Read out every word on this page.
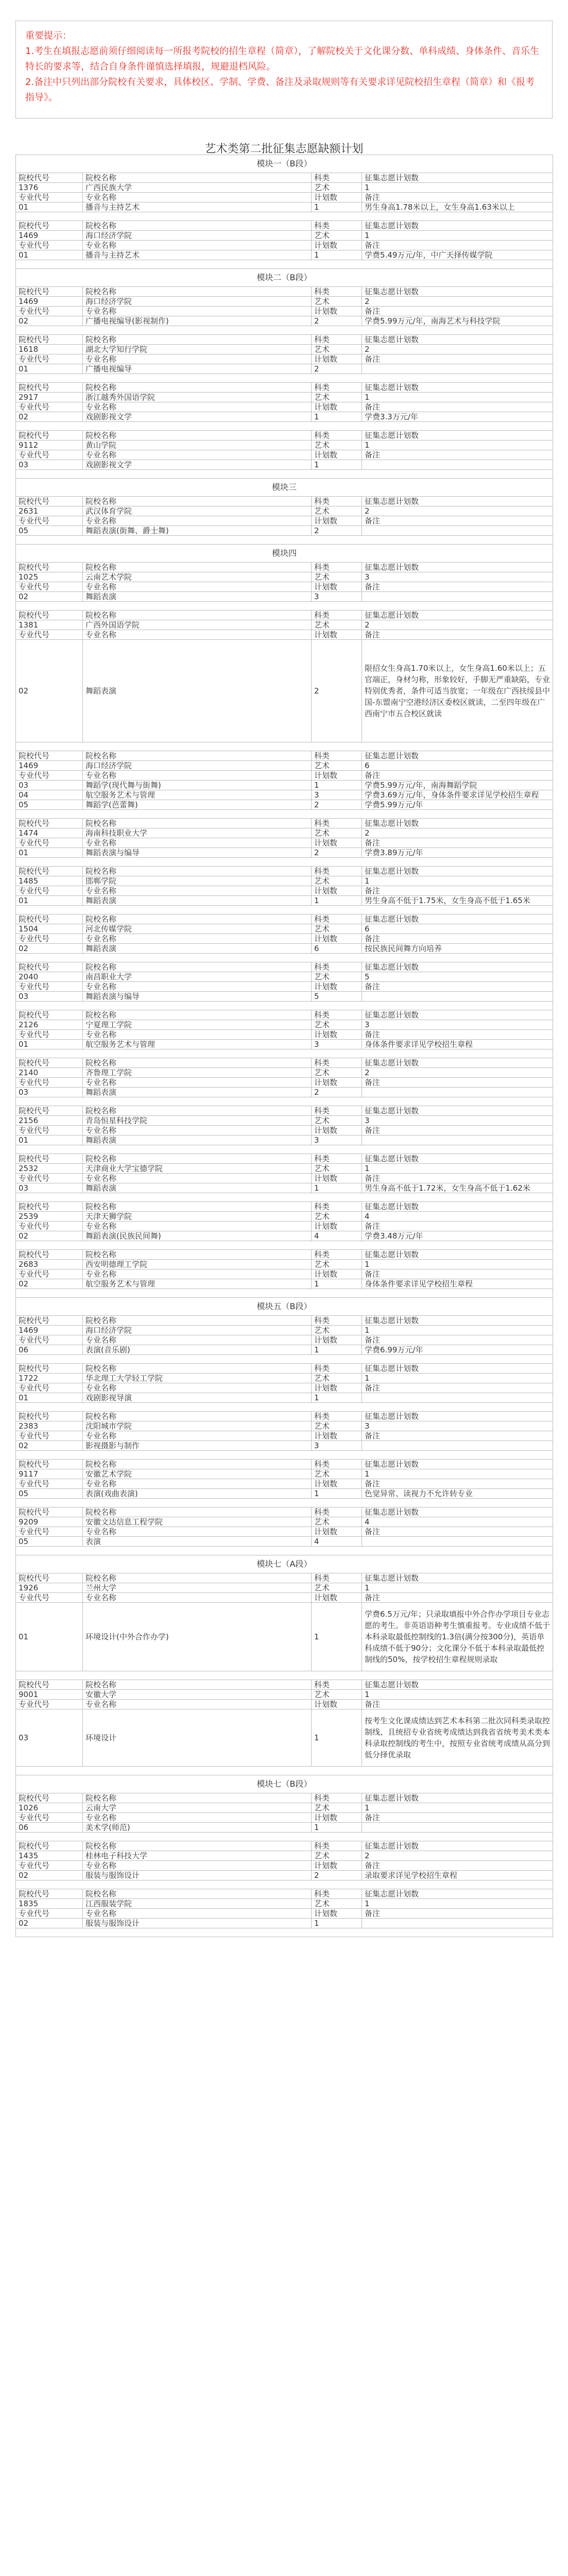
重要提示：
1.考生在填报志愿前须仔细阅读每一所报考院校的招生章程（简章），了解院校关于文化课分数、单科成绩、身体条件、音乐生特长的要求等，结合自身条件谨慎选择填报，规避退档风险。
2.备注中只列出部分院校有关要求，具体校区、学制、学费、备注及录取规则等有关要求详见院校招生章程（简章）和《报考指导》。
艺术类第二批征集志愿缺额计划
模块一（B段）			
院校代号	院校名称	科类	征集志愿计划数
1376	广西民族大学	艺术	1
专业代号	专业名称	计划数	备注
01	播音与主持艺术	1	男生身高1.78米以上，女生身高1.63米以上

院校代号	院校名称	科类	征集志愿计划数
1469	海口经济学院	艺术	1
专业代号	专业名称	计划数	备注
01	播音与主持艺术	1	学费5.49万元/年，中广天择传媒学院

模块二（B段）			
院校代号	院校名称	科类	征集志愿计划数
1469	海口经济学院	艺术	2
专业代号	专业名称	计划数	备注
02	广播电视编导(影视制作)	2	学费5.99万元/年，南海艺术与科技学院

院校代号	院校名称	科类	征集志愿计划数
1618	湖北大学知行学院	艺术	2
专业代号	专业名称	计划数	备注
01	广播电视编导	2	

院校代号	院校名称	科类	征集志愿计划数
2917	浙江越秀外国语学院	艺术	1
专业代号	专业名称	计划数	备注
02	戏剧影视文学	1	学费3.3万元/年

院校代号	院校名称	科类	征集志愿计划数
9112	黄山学院	艺术	1
专业代号	专业名称	计划数	备注
03	戏剧影视文学	1	

模块三			
院校代号	院校名称	科类	征集志愿计划数
2631	武汉体育学院	艺术	2
专业代号	专业名称	计划数	备注
05	舞蹈表演(街舞、爵士舞)	2	

模块四			
院校代号	院校名称	科类	征集志愿计划数
1025	云南艺术学院	艺术	3
专业代号	专业名称	计划数	备注
02	舞蹈表演	3	

院校代号	院校名称	科类	征集志愿计划数
1381	广西外国语学院	艺术	2
专业代号	专业名称	计划数	备注
02	舞蹈表演	2	限招女生身高1.70米以上，女生身高1.60米以上；五官端正，身材匀称，形象较好，手脚无严重缺陷，专业特别优秀者，条件可适当放宽；一年级在广西扶绥县中国-东盟南宁空港经济区委校区就读，二至四年级在广西南宁市五合校区就读

院校代号	院校名称	科类	征集志愿计划数
1469	海口经济学院	艺术	6
专业代号	专业名称	计划数	备注
03	舞蹈学(现代舞与街舞)	1	学费5.99万元/年，南海舞蹈学院
04	航空服务艺术与管理	3	学费3.69万元/年，身体条件要求详见学校招生章程
05	舞蹈学(芭蕾舞)	2	学费5.99万元/年

院校代号	院校名称	科类	征集志愿计划数
1474	海南科技职业大学	艺术	2
专业代号	专业名称	计划数	备注
01	舞蹈表演与编导	2	学费3.89万元/年

院校代号	院校名称	科类	征集志愿计划数
1485	邯郸学院	艺术	1
专业代号	专业名称	计划数	备注
01	舞蹈表演	1	男生身高不低于1.75米，女生身高不低于1.65米

院校代号	院校名称	科类	征集志愿计划数
1504	河北传媒学院	艺术	6
专业代号	专业名称	计划数	备注
02	舞蹈表演	6	按民族民间舞方向培养

院校代号	院校名称	科类	征集志愿计划数
2040	南昌职业大学	艺术	5
专业代号	专业名称	计划数	备注
03	舞蹈表演与编导	5	

院校代号	院校名称	科类	征集志愿计划数
2126	宁夏理工学院	艺术	3
专业代号	专业名称	计划数	备注
01	航空服务艺术与管理	3	身体条件要求详见学校招生章程

院校代号	院校名称	科类	征集志愿计划数
2140	齐鲁理工学院	艺术	2
专业代号	专业名称	计划数	备注
03	舞蹈表演	2	

院校代号	院校名称	科类	征集志愿计划数
2156	青岛恒星科技学院	艺术	3
专业代号	专业名称	计划数	备注
01	舞蹈表演	3	

院校代号	院校名称	科类	征集志愿计划数
2532	天津商业大学宝德学院	艺术	1
专业代号	专业名称	计划数	备注
03	舞蹈表演	1	男生身高不低于1.72米，女生身高不低于1.62米

院校代号	院校名称	科类	征集志愿计划数
2539	天津天狮学院	艺术	4
专业代号	专业名称	计划数	备注
02	舞蹈表演(民族民间舞)	4	学费3.48万元/年

院校代号	院校名称	科类	征集志愿计划数
2683	西安明德理工学院	艺术	1
专业代号	专业名称	计划数	备注
02	航空服务艺术与管理	1	身体条件要求详见学校招生章程

模块五（B段）			
院校代号	院校名称	科类	征集志愿计划数
1469	海口经济学院	艺术	1
专业代号	专业名称	计划数	备注
06	表演(音乐剧)	1	学费6.99万元/年

院校代号	院校名称	科类	征集志愿计划数
1722	华北理工大学轻工学院	艺术	1
专业代号	专业名称	计划数	备注
01	戏剧影视导演	1	

院校代号	院校名称	科类	征集志愿计划数
2383	沈阳城市学院	艺术	3
专业代号	专业名称	计划数	备注
02	影视摄影与制作	3	

院校代号	院校名称	科类	征集志愿计划数
9117	安徽艺术学院	艺术	1
专业代号	专业名称	计划数	备注
05	表演(戏曲表演)	1	色觉异常、读视力不允许转专业

院校代号	院校名称	科类	征集志愿计划数
9209	安徽文达信息工程学院	艺术	4
专业代号	专业名称	计划数	备注
05	表演	4	

模块七（A段）			
院校代号	院校名称	科类	征集志愿计划数
1926	兰州大学	艺术	1
专业代号	专业名称	计划数	备注
01	环境设计(中外合作办学)	1	学费6.5万元/年；只录取填报中外合作办学项目专业志愿的考生。非英语语种考生慎重报考。专业成绩不低于本科录取最低控制线的1.3倍(满分按300分)，英语单科成绩不低于90分；文化课分不低于本科录取最低控制线的50%，按学校招生章程规则录取

院校代号	院校名称	科类	征集志愿计划数
9001	安徽大学	艺术	1
专业代号	专业名称	计划数	备注
03	环境设计	1	按考生文化课成绩达到艺术本科第二批次同科类录取控制线、且统招专业省统考成绩达到我省省统考美术类本科录取控制线的考生中，按照专业省统考成绩从高分到低分择优录取

模块七（B段）			
院校代号	院校名称	科类	征集志愿计划数
1026	云南大学	艺术	1
专业代号	专业名称	计划数	备注
06	美术学(师范)	1	

院校代号	院校名称	科类	征集志愿计划数
1435	桂林电子科技大学	艺术	2
专业代号	专业名称	计划数	备注
02	服装与服饰设计	2	录取要求详见学校招生章程

院校代号	院校名称	科类	征集志愿计划数
1835	江西服装学院	艺术	1
专业代号	专业名称	计划数	备注
02	服装与服饰设计	1	
